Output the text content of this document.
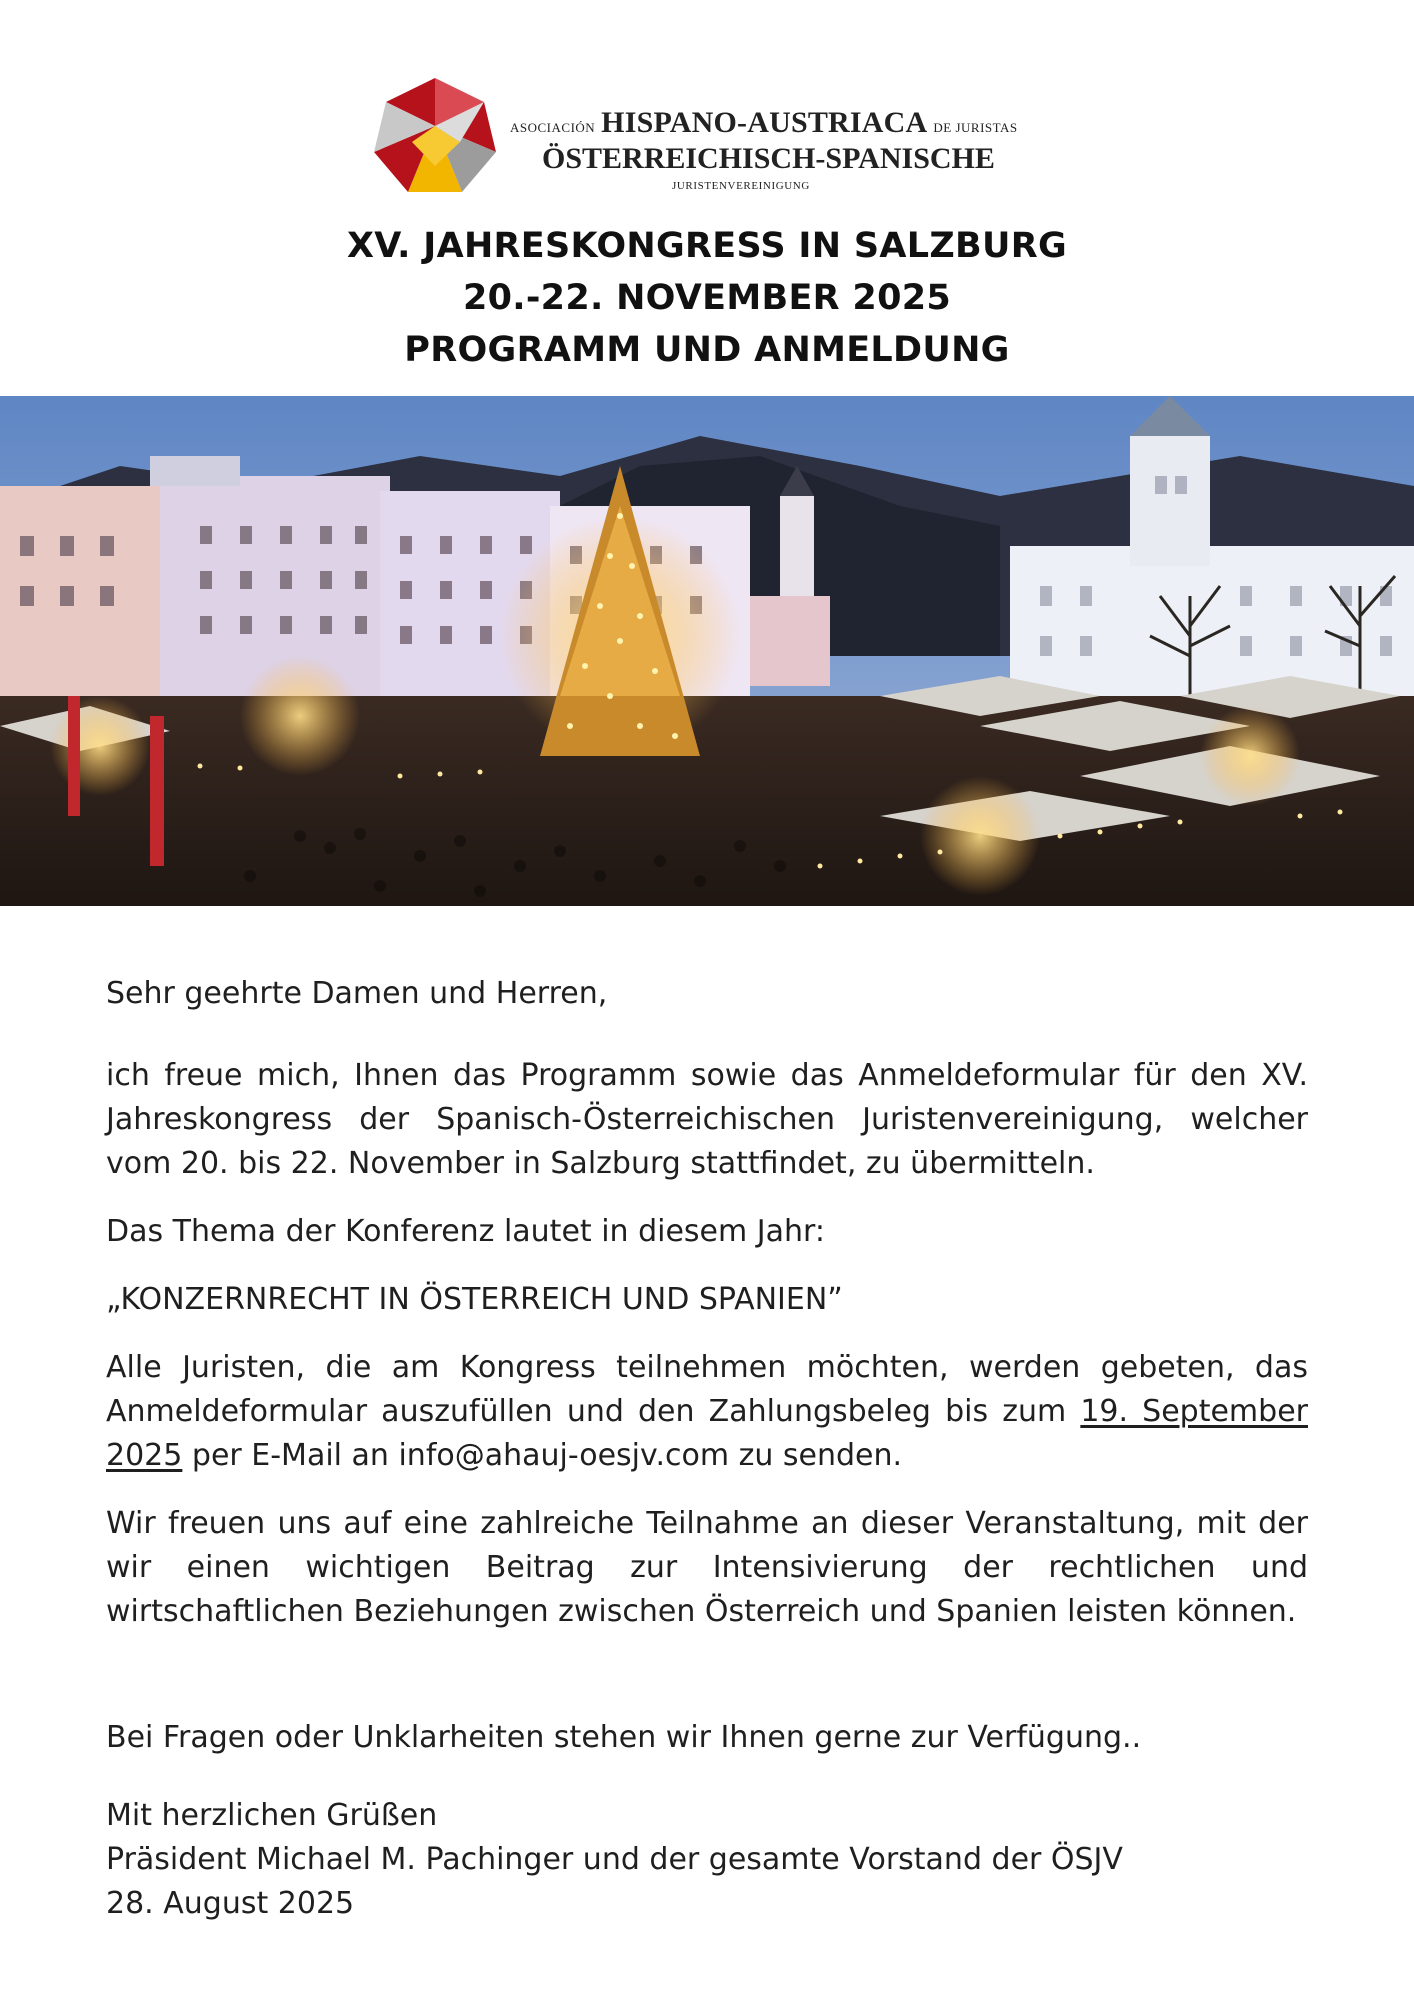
ASOCIACIÓN HISPANO-AUSTRIACA DE JURISTAS
ÖSTERREICHISCH-SPANISCHE
JURISTENVEREINIGUNG
XV. JAHRESKONGRESS IN SALZBURG
20.-22. NOVEMBER 2025
PROGRAMM UND ANMELDUNG
Sehr geehrte Damen und Herren,
ich freue mich, Ihnen das Programm sowie das Anmeldeformular für den XV. Jahreskongress der Spanisch-Österreichischen Juristenvereinigung, welcher vom 20. bis 22. November in Salzburg stattfindet, zu übermitteln.
Das Thema der Konferenz lautet in diesem Jahr:
„KONZERNRECHT IN ÖSTERREICH UND SPANIEN”
Alle Juristen, die am Kongress teilnehmen möchten, werden gebeten, das Anmeldeformular auszufüllen und den Zahlungsbeleg bis zum 19. September 2025 per E-Mail an info@ahauj-oesjv.com zu senden.
Wir freuen uns auf eine zahlreiche Teilnahme an dieser Veranstaltung, mit der wir einen wichtigen Beitrag zur Intensivierung der rechtlichen und wirtschaftlichen Beziehungen zwischen Österreich und Spanien leisten können.
Bei Fragen oder Unklarheiten stehen wir Ihnen gerne zur Verfügung..
Mit herzlichen Grüßen
Präsident Michael M. Pachinger und der gesamte Vorstand der ÖSJV
28. August 2025
